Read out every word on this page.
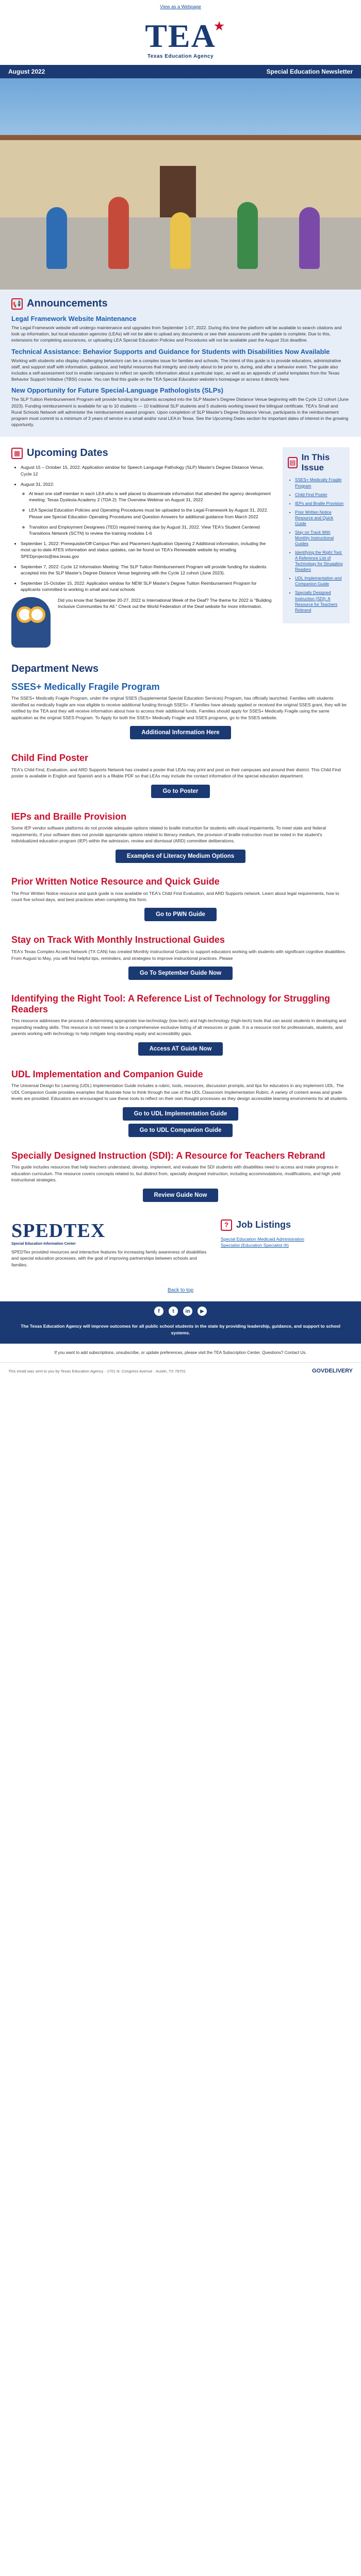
View as a Webpage
TEA
★
Texas Education Agency
August 2022	Special Education Newsletter
📢 Announcements
Legal Framework Website Maintenance
The Legal Framework website will undergo maintenance and upgrades from September 1-07, 2022. During this time the platform will be available to search citations and look up information, but local education agencies (LEAs) will not be able to upload any documents or see their assurances until the update is complete. Due to this, extensions for completing assurances, or uploading LEA Special Education Policies and Procedures will not be available past the August 31st deadline.
Technical Assistance: Behavior Supports and Guidance for Students with Disabilities Now Available
Working with students who display challenging behaviors can be a complex issue for families and schools. The intent of this guide is to provide educators, administrative staff, and support staff with information, guidance, and helpful resources that integrity and clarity about to be prior to, during, and after a behavior event. The guide also includes a self-assessment tool to enable campuses to reflect on specific information about a particular topic, as well as an appendix of useful templates from the Texas Behavior Support Initiative (TBSI) course. You can find this guide on the TEA Special Education website's homepage or access it directly here.
New Opportunity for Future Special-Language Pathologists (SLPs)
The SLP Tuition Reimbursement Program will provide funding for students accepted into the SLP Master's Degree Distance Venue beginning with the Cycle 12 cohort (June 2023). Funding reimbursement is available for up to 10 students — 10 traditional SLP students and 5 students working toward the bilingual certificate. TEA's Small and Rural Schools Network will administer the reimbursement award program. Upon completion of SLP Master's Degree Distance Venue, participants in the reimbursement program must commit to a minimum of 3 years of service in a small and/or rural LEA in Texas. See the Upcoming Dates section for important dates of interest in the growing opportunity.
▦ Upcoming Dates
• August 15 – October 15, 2022: Application window for Speech Language Pathology (SLP) Master's Degree Distance Venue, Cycle 12
• August 31, 2022:
◦ At least one staff member in each LEA who is well placed to disseminate information that attended the agency development meeting: Texas Dyslexia Academy 2 (TDA 2): The Overview Webinar on August 31, 2022
◦ LEA Special Education Policies and Operating Procedures must be uploaded to the Legal Framework by August 31, 2022. Please see Special Education Operating Procedures and Question Answers for additional guidance from March 2022
◦ Transition and Employment Designees (TED) required training due by August 31, 2022. View TEA's Student Centered Transitions Network (SCTN) to review the training modules 1-6
• September 1, 2022: Prerequisite/Off-Campus Plan and Placement Application Opening 2 Additional information, including the most up-to-date ATES information and status updates, can be found on TEA's Renewable website by emailing SPEDprojects@tea.texas.gov
• September 7, 2022: Cycle 12 Information Meeting: The SLP Tuition Reimbursement Program will provide funding for students accepted into the SLP Master's Degree Distance Venue beginning with the Cycle 12 cohort (June 2023).
• September 15-October 15, 2022: Application window for NEW SLP Master's Degree Tuition Reimbursement Program for applicants committed to working in small and rural schools
Did you know that September 20-27, 2022 is International Week of the Deaf? The theme for 2022 is "Building Inclusive Communities for All." Check out the World Federation of the Deaf website for more information.
▤
In This Issue
• SSES+ Medically Fragile Program
• Child Find Poster
• IEPs and Braille Provision
• Prior Written Notice Resource and Quick Guide
• Stay on Track With Monthly Instructional Guides
• Identifying the Right Tool: A Reference List of Technology for Struggling Readers
• UDL Implementation and Companion Guide
• Specially Designed Instruction (SDI): A Resource for Teachers Rebrand
Department News
SSES+ Medically Fragile Program
The SSES+ Medically Fragile Program, under the original SSES (Supplemental Special Education Services) Program, has officially launched. Families with students identified as medically fragile are now eligible to receive additional funding through SSES+. If families have already applied or received the original SSES grant, they will be notified by the TEA and they will receive information about how to access their additional funds. Families should apply for SSES+ Medically Fragile using the same application as the original SSES Program. To Apply for both the SSES+ Medically Fragile and SSES programs, go to the SSES website.
Additional Information Here
Child Find Poster
TEA's Child Find, Evaluation, and ARD Supports Network has created a poster that LEAs may print and post on their campuses and around their district. This Child Find poster is available in English and Spanish and is a fillable PDF so that LEAs may include the contact information of the special education department.
Go to Poster
IEPs and Braille Provision
Some IEP vendor software platforms do not provide adequate options related to braille instruction for students with visual impairments. To meet state and federal requirements, if your software does not provide appropriate options related to literacy medium, the provision of braille instruction must be noted in the student's individualized education program (IEP) within the admission, review and dismissal (ARD) committee deliberations.
Examples of Literacy Medium Options
Prior Written Notice Resource and Quick Guide
The Prior Written Notice resource and quick guide is now available on TEA's Child Find Evaluation, and ARD Supports network. Learn about legal requirements, how to count five school days, and best practices when completing this form.
Go to PWN Guide
Stay on Track With Monthly Instructional Guides
TEA's Texas Complex Access Network (TX CAN) has created Monthly Instructional Guides to support educators working with students with significant cognitive disabilities. From August to May, you will find helpful tips, reminders, and strategies to improve instructional practices. Please
Go To September Guide Now
Identifying the Right Tool: A Reference List of Technology for Struggling Readers
This resource addresses the process of determining appropriate low-technology (low-tech) and high-technology (high-tech) tools that can assist students in developing and expanding reading skills. This resource is not meant to be a comprehensive exclusive listing of all resources or guide. It is a resource tool for professionals, students, and parents working with technology to help mitigate long-standing equity and accessibility gaps.
Access AT Guide Now
UDL Implementation and Companion Guide
The Universal Design for Learning (UDL) Implementation Guide includes a rubric, tools, resources, discussion prompts, and tips for educators in any implement UDL. The UDL Companion Guide provides examples that illustrate how to think through the use of the UDL Classroom Implementation Rubric. A variety of content areas and grade levels are provided. Educators are encouraged to use these tools to reflect on their own thought processes as they design accessible learning environments for all students.
Go to UDL Implementation Guide
Go to UDL Companion Guide
Specially Designed Instruction (SDI): A Resource for Teachers Rebrand
This guide includes resources that help teachers understand, develop, implement, and evaluate the SDI students with disabilities need to access and make progress in education curriculum. The resource covers concepts related to, but distinct from, specially designed instruction, including accommodations, modifications, and high yield instructional strategies.
Review Guide Now
SPEDTEX
Special Education Information Center
SPEDTex provided resources and interactive features for increasing family awareness of disabilities and special education processes, with the goal of improving partnerships between schools and families.
? Job Listings
Special Education Medicaid Administration
Specialist (Education Specialist III)
Back to top
f	t	in	▶
The Texas Education Agency will improve outcomes for all public school students in the state by providing leadership, guidance, and support to school systems.
If you want to add subscriptions, unsubscribe, or update preferences, please visit the TEA Subscription Center. Questions? Contact Us.
This email was sent to you by Texas Education Agency · 1701 N. Congress Avenue · Austin, TX 78701	GOVDELIVERY
